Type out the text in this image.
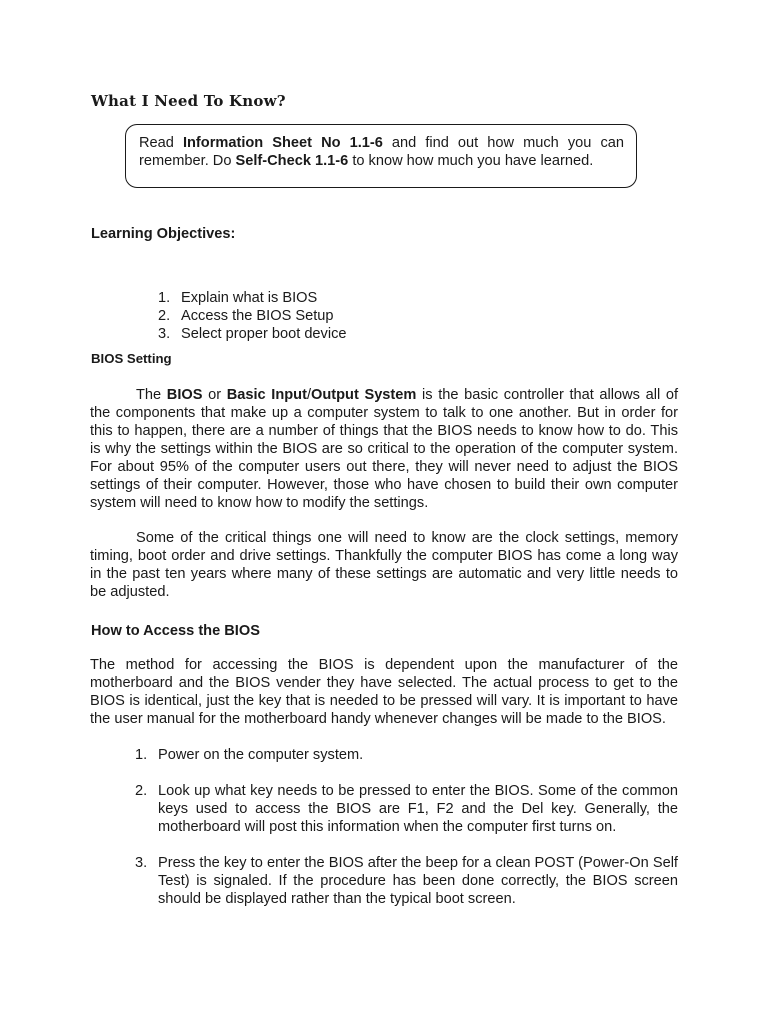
What I Need To Know?

Read Information Sheet No 1.1-6 and find out how much you can remember. Do Self-Check 1.1-6 to know how much you have learned.

Learning Objectives:
1. Explain what is BIOS
2. Access the BIOS Setup
3. Select proper boot device
BIOS Setting

The BIOS or Basic Input/Output System is the basic controller that allows all of the components that make up a computer system to talk to one another. But in order for this to happen, there are a number of things that the BIOS needs to know how to do. This is why the settings within the BIOS are so critical to the operation of the computer system. For about 95% of the computer users out there, they will never need to adjust the BIOS settings of their computer. However, those who have chosen to build their own computer system will need to know how to modify the settings.

Some of the critical things one will need to know are the clock settings, memory timing, boot order and drive settings. Thankfully the computer BIOS has come a long way in the past ten years where many of these settings are automatic and very little needs to be adjusted.

How to Access the BIOS

The method for accessing the BIOS is dependent upon the manufacturer of the motherboard and the BIOS vender they have selected. The actual process to get to the BIOS is identical, just the key that is needed to be pressed will vary. It is important to have the user manual for the motherboard handy whenever changes will be made to the BIOS.

1. Power on the computer system.
2. Look up what key needs to be pressed to enter the BIOS. Some of the common keys used to access the BIOS are F1, F2 and the Del key. Generally, the motherboard will post this information when the computer first turns on.
3. Press the key to enter the BIOS after the beep for a clean POST (Power-On Self Test) is signaled. If the procedure has been done correctly, the BIOS screen should be displayed rather than the typical boot screen.
